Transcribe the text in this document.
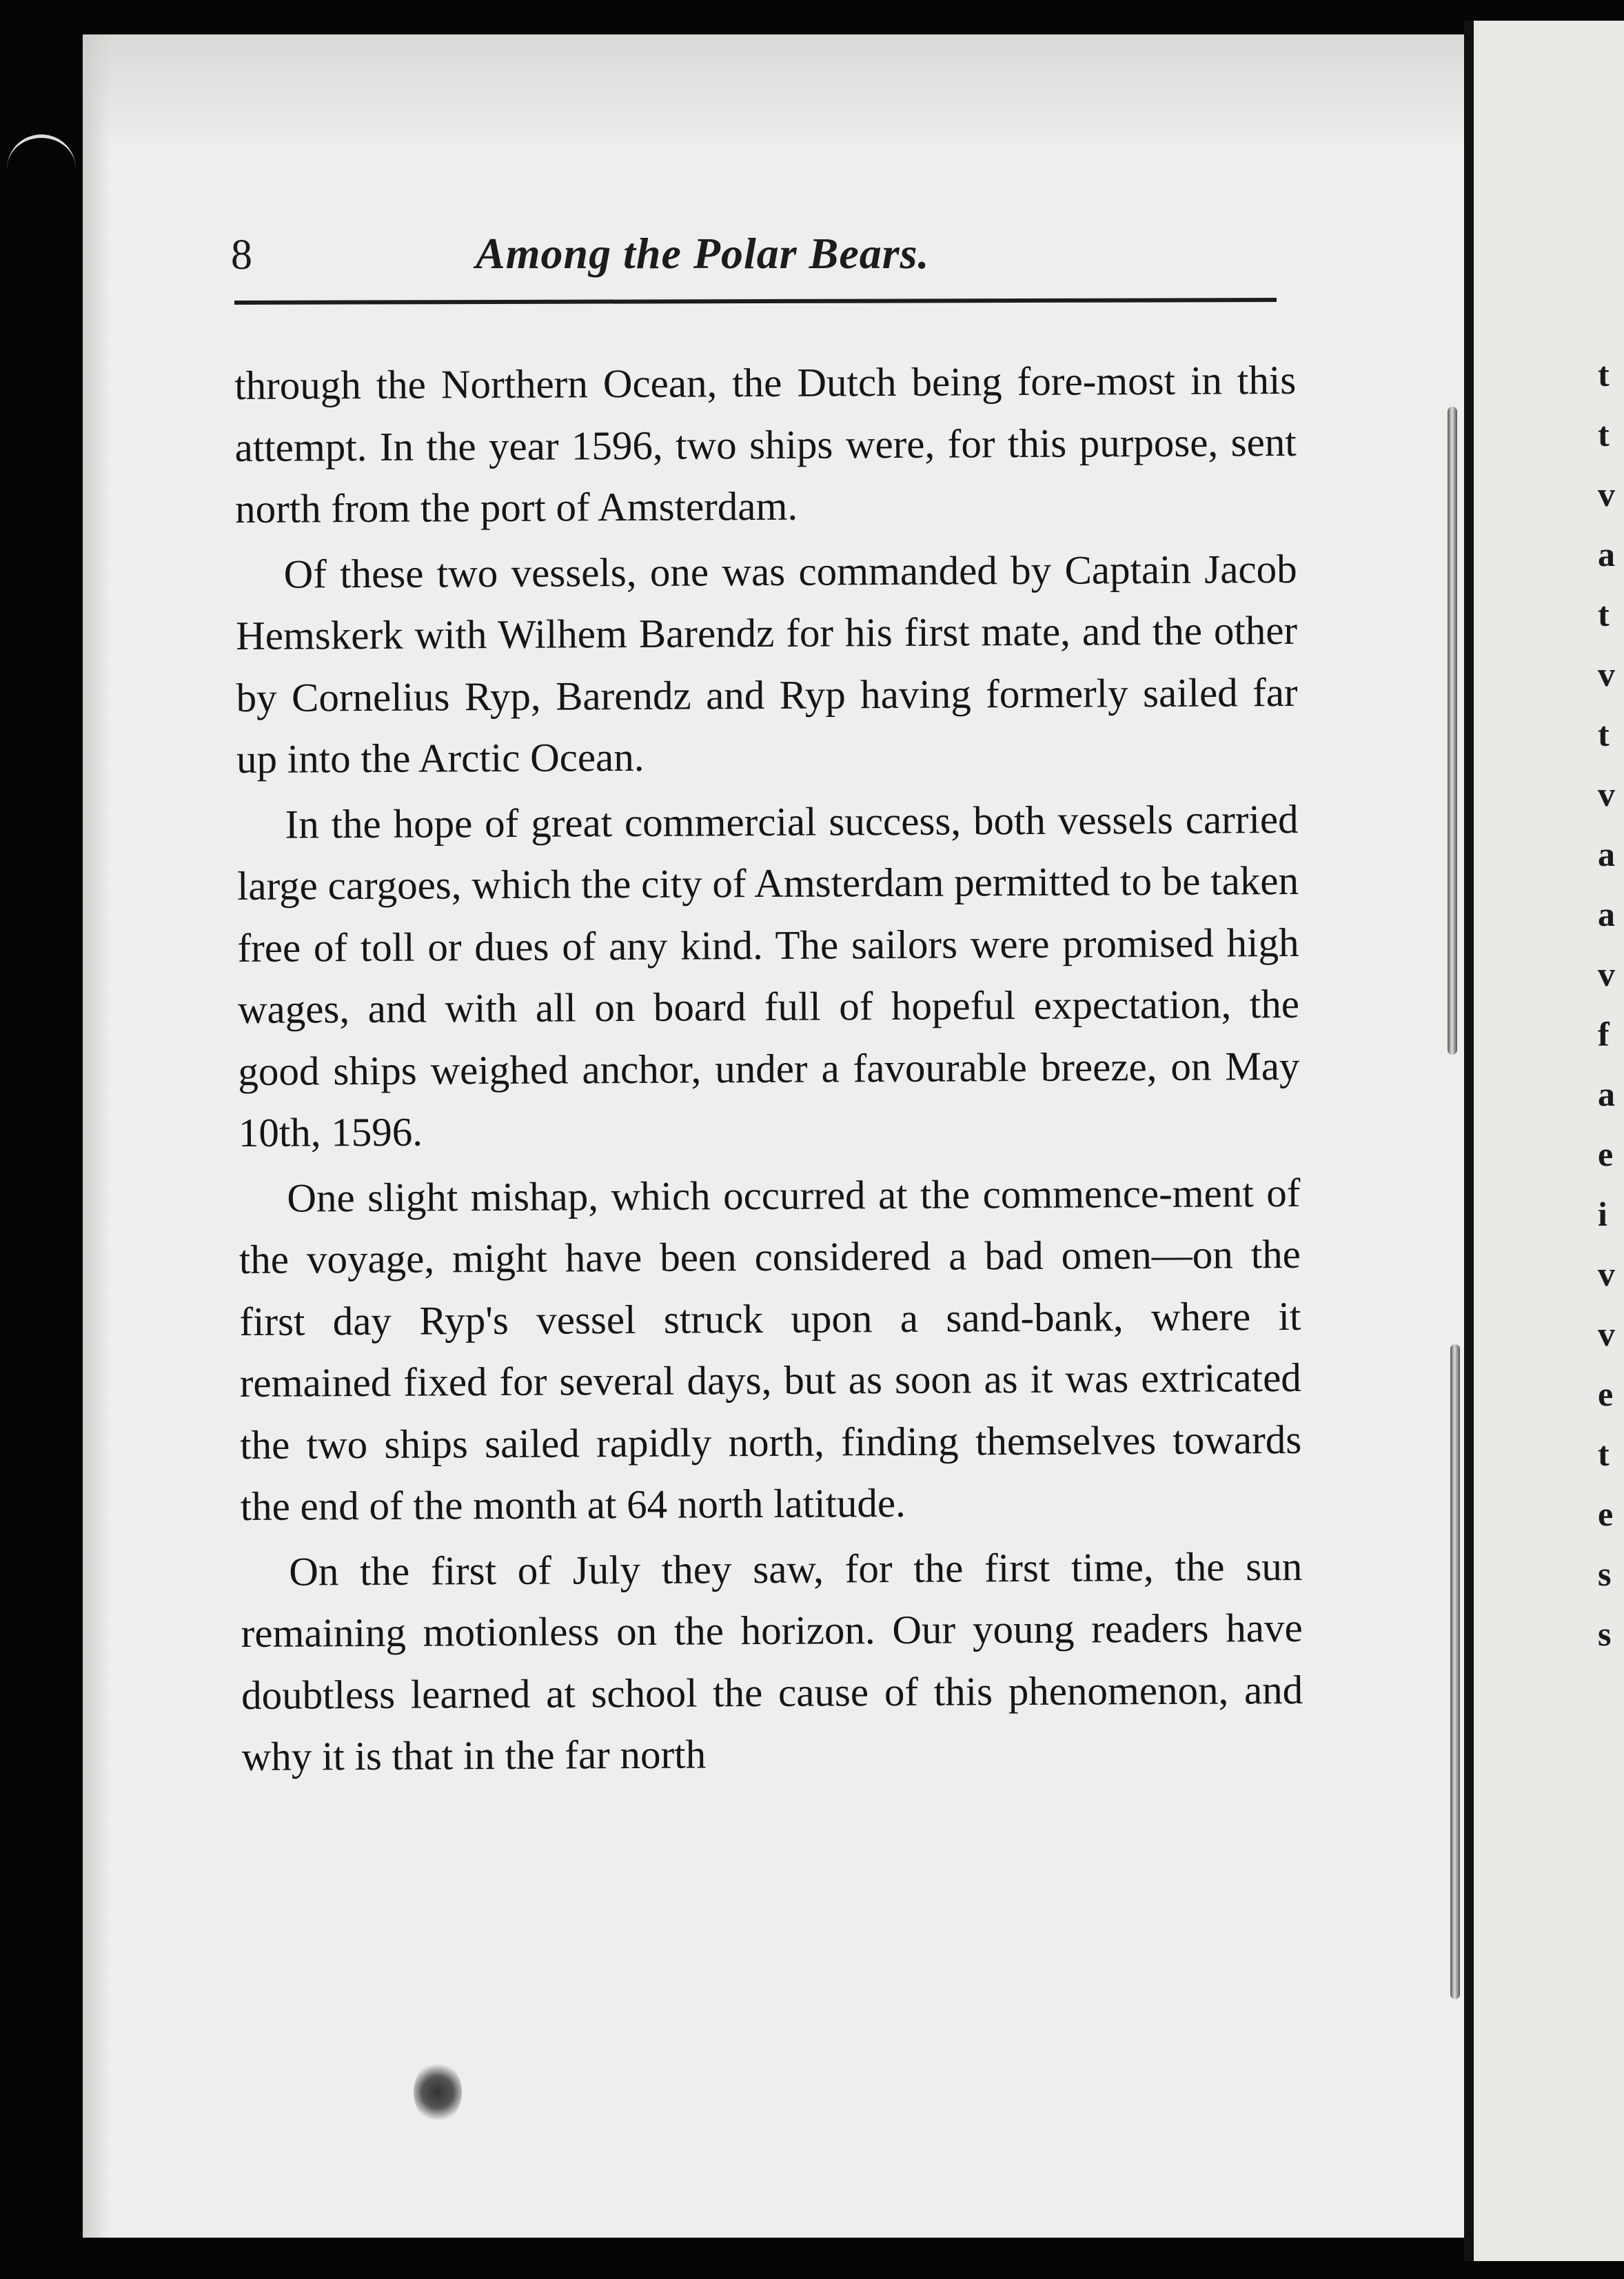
t
t
v
a
t
v
t
v
a
a
v
f
a
e
i
v
v
e
t
e
s
s
8	Among the Polar Bears.

through the Northern Ocean, the Dutch being fore-most in this attempt. In the year 1596, two ships were, for this purpose, sent north from the port of Amsterdam.

Of these two vessels, one was commanded by Captain Jacob Hemskerk with Wilhem Barendz for his first mate, and the other by Cornelius Ryp, Barendz and Ryp having formerly sailed far up into the Arctic Ocean.

In the hope of great commercial success, both vessels carried large cargoes, which the city of Amsterdam permitted to be taken free of toll or dues of any kind. The sailors were promised high wages, and with all on board full of hopeful expectation, the good ships weighed anchor, under a favourable breeze, on May 10th, 1596.

One slight mishap, which occurred at the commence-ment of the voyage, might have been considered a bad omen—on the first day Ryp's vessel struck upon a sand-bank, where it remained fixed for several days, but as soon as it was extricated the two ships sailed rapidly north, finding themselves towards the end of the month at 64 north latitude.

On the first of July they saw, for the first time, the sun remaining motionless on the horizon. Our young readers have doubtless learned at school the cause of this phenomenon, and why it is that in the far north
